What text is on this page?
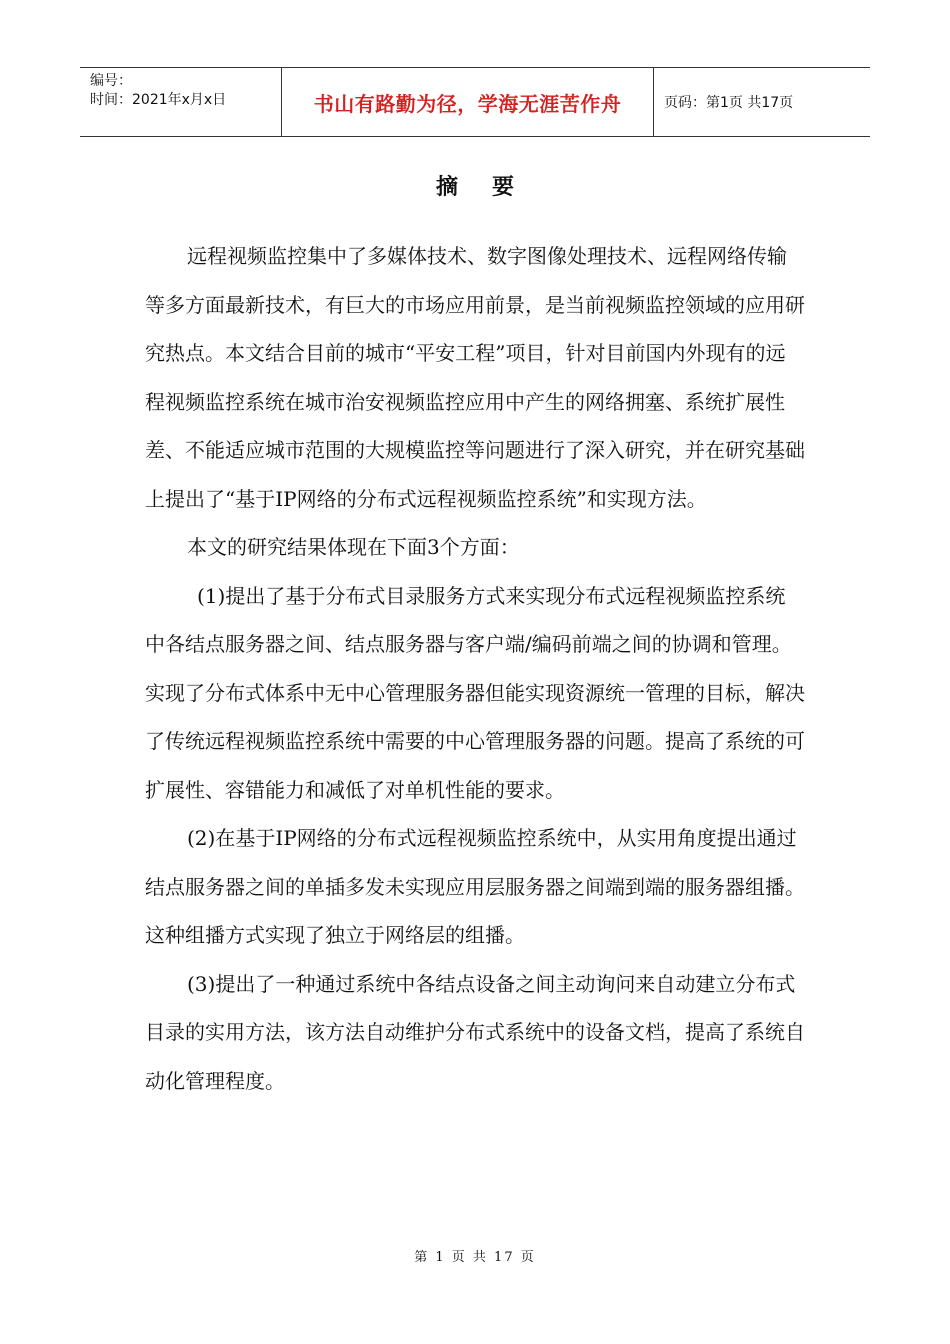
编号：
时间：2021年x月x日	书山有路勤为径，学海无涯苦作舟	页码：第1页 共17页
摘要

远程视频监控集中了多媒体技术、数字图像处理技术、远程网络传输等多方面最新技术，有巨大的市场应用前景，是当前视频监控领域的应用研究热点。本文结合目前的城市“平安工程”项目，针对目前国内外现有的远程视频监控系统在城市治安视频监控应用中产生的网络拥塞、系统扩展性差、不能适应城市范围的大规模监控等问题进行了深入研究，并在研究基础上提出了“基于IP网络的分布式远程视频监控系统”和实现方法。

本文的研究结果体现在下面3个方面：

(1)提出了基于分布式目录服务方式来实现分布式远程视频监控系统中各结点服务器之间、结点服务器与客户端/编码前端之间的协调和管理。实现了分布式体系中无中心管理服务器但能实现资源统一管理的目标，解决了传统远程视频监控系统中需要的中心管理服务器的问题。提高了系统的可扩展性、容错能力和减低了对单机性能的要求。

(2)在基于IP网络的分布式远程视频监控系统中，从实用角度提出通过结点服务器之间的单插多发未实现应用层服务器之间端到端的服务器组播。这种组播方式实现了独立于网络层的组播。

(3)提出了一种通过系统中各结点设备之间主动询问来自动建立分布式目录的实用方法，该方法自动维护分布式系统中的设备文档，提高了系统自动化管理程度。

第 1 页 共 17 页
